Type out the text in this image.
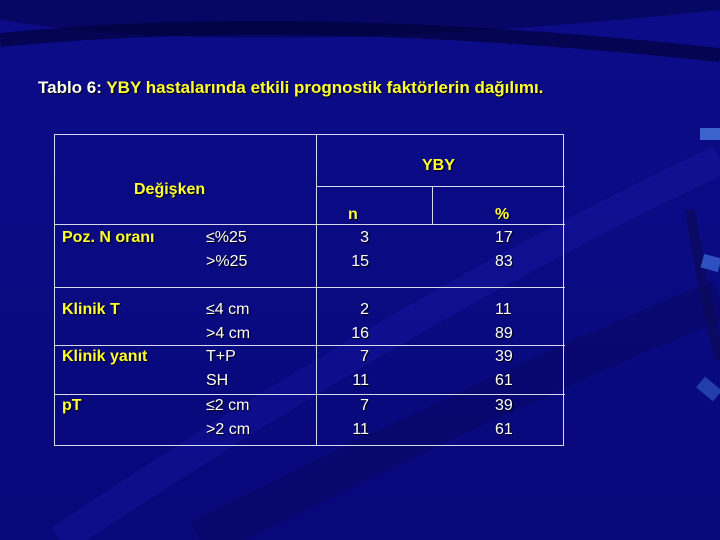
Tablo 6: YBY hastalarında etkili prognostik faktörlerin dağılımı.
Değişken
YBY
n	%
Poz. N oranı	≤%25	3	17
>%25	15	83
Klinik T	≤4 cm	2	11
>4 cm	16	89
Klinik yanıt	T+P	7	39
SH	11	61
pT	≤2 cm	7	39
>2 cm	11	61
